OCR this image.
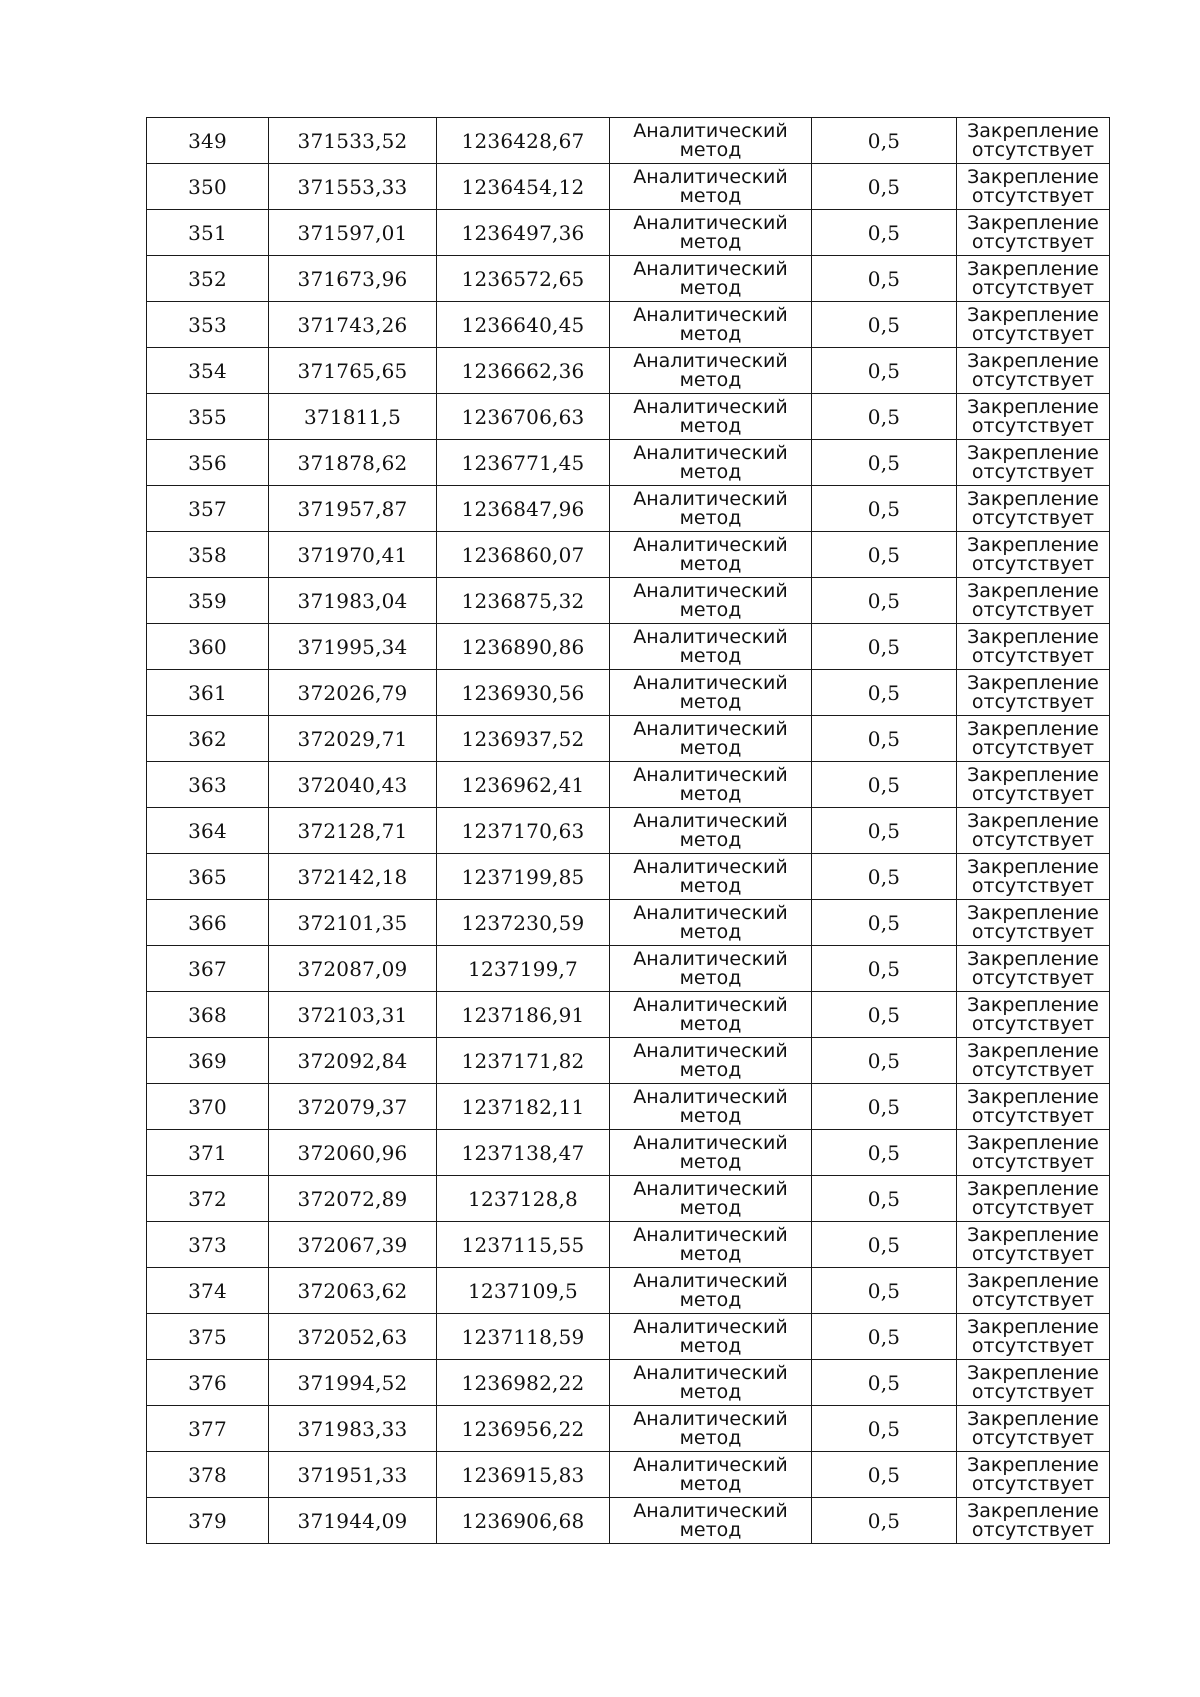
349	371533,52	1236428,67	Аналитический
метод	0,5	Закрепление
отсутствует

350	371553,33	1236454,12	Аналитический
метод	0,5	Закрепление
отсутствует

351	371597,01	1236497,36	Аналитический
метод	0,5	Закрепление
отсутствует

352	371673,96	1236572,65	Аналитический
метод	0,5	Закрепление
отсутствует

353	371743,26	1236640,45	Аналитический
метод	0,5	Закрепление
отсутствует

354	371765,65	1236662,36	Аналитический
метод	0,5	Закрепление
отсутствует

355	371811,5	1236706,63	Аналитический
метод	0,5	Закрепление
отсутствует

356	371878,62	1236771,45	Аналитический
метод	0,5	Закрепление
отсутствует

357	371957,87	1236847,96	Аналитический
метод	0,5	Закрепление
отсутствует

358	371970,41	1236860,07	Аналитический
метод	0,5	Закрепление
отсутствует

359	371983,04	1236875,32	Аналитический
метод	0,5	Закрепление
отсутствует

360	371995,34	1236890,86	Аналитический
метод	0,5	Закрепление
отсутствует

361	372026,79	1236930,56	Аналитический
метод	0,5	Закрепление
отсутствует

362	372029,71	1236937,52	Аналитический
метод	0,5	Закрепление
отсутствует

363	372040,43	1236962,41	Аналитический
метод	0,5	Закрепление
отсутствует

364	372128,71	1237170,63	Аналитический
метод	0,5	Закрепление
отсутствует

365	372142,18	1237199,85	Аналитический
метод	0,5	Закрепление
отсутствует

366	372101,35	1237230,59	Аналитический
метод	0,5	Закрепление
отсутствует

367	372087,09	1237199,7	Аналитический
метод	0,5	Закрепление
отсутствует

368	372103,31	1237186,91	Аналитический
метод	0,5	Закрепление
отсутствует

369	372092,84	1237171,82	Аналитический
метод	0,5	Закрепление
отсутствует

370	372079,37	1237182,11	Аналитический
метод	0,5	Закрепление
отсутствует

371	372060,96	1237138,47	Аналитический
метод	0,5	Закрепление
отсутствует

372	372072,89	1237128,8	Аналитический
метод	0,5	Закрепление
отсутствует

373	372067,39	1237115,55	Аналитический
метод	0,5	Закрепление
отсутствует

374	372063,62	1237109,5	Аналитический
метод	0,5	Закрепление
отсутствует

375	372052,63	1237118,59	Аналитический
метод	0,5	Закрепление
отсутствует

376	371994,52	1236982,22	Аналитический
метод	0,5	Закрепление
отсутствует

377	371983,33	1236956,22	Аналитический
метод	0,5	Закрепление
отсутствует

378	371951,33	1236915,83	Аналитический
метод	0,5	Закрепление
отсутствует

379	371944,09	1236906,68	Аналитический
метод	0,5	Закрепление
отсутствует
